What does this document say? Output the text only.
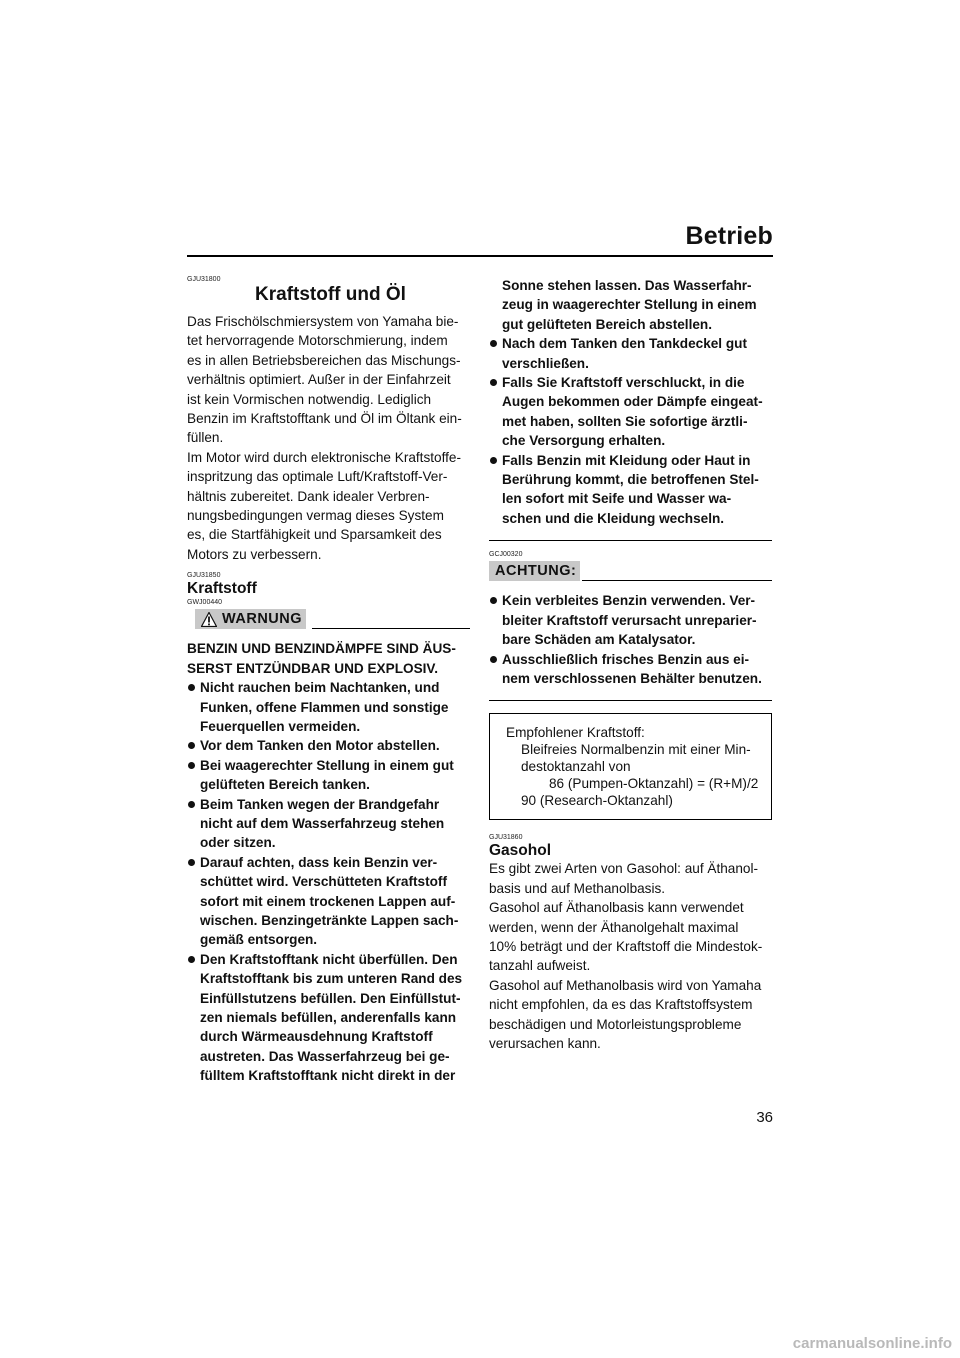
Betrieb
GJU31800
Kraftstoff und Öl

Das Frischölschmiersystem von Yamaha bie-

tet hervorragende Motorschmierung, indem

es in allen Betriebsbereichen das Mischungs-

verhältnis optimiert. Außer in der Einfahrzeit

ist kein Vormischen notwendig. Lediglich

Benzin im Kraftstofftank und Öl im Öltank ein-

füllen.

Im Motor wird durch elektronische Kraftstoffe-

inspritzung das optimale Luft/Kraftstoff-Ver-

hältnis zubereitet. Dank idealer Verbren-

nungsbedingungen vermag dieses System

es, die Startfähigkeit und Sparsamkeit des

Motors zu verbessern.

GJU31850
Kraftstoff
GWJ00440
WARNUNG

BENZIN UND BENZINDÄMPFE SIND ÄUS-

SERST ENTZÜNDBAR UND EXPLOSIV.

Nicht rauchen beim Nachtanken, und
Funken, offene Flammen und sonstige
Feuerquellen vermeiden.
Vor dem Tanken den Motor abstellen.
Bei waagerechter Stellung in einem gut
gelüfteten Bereich tanken.
Beim Tanken wegen der Brandgefahr
nicht auf dem Wasserfahrzeug stehen
oder sitzen.
Darauf achten, dass kein Benzin ver-
schüttet wird. Verschütteten Kraftstoff
sofort mit einem trockenen Lappen auf-
wischen. Benzingetränkte Lappen sach-
gemäß entsorgen.
Den Kraftstofftank nicht überfüllen. Den
Kraftstofftank bis zum unteren Rand des
Einfüllstutzens befüllen. Den Einfüllstut-
zen niemals befüllen, anderenfalls kann
durch Wärmeausdehnung Kraftstoff
austreten. Das Wasserfahrzeug bei ge-
fülltem Kraftstofftank nicht direkt in der

Sonne stehen lassen. Das Wasserfahr-

zeug in waagerechter Stellung in einem

gut gelüfteten Bereich abstellen.

Nach dem Tanken den Tankdeckel gut
verschließen.
Falls Sie Kraftstoff verschluckt, in die
Augen bekommen oder Dämpfe eingeat-
met haben, sollten Sie sofortige ärztli-
che Versorgung erhalten.
Falls Benzin mit Kleidung oder Haut in
Berührung kommt, die betroffenen Stel-
len sofort mit Seife und Wasser wa-
schen und die Kleidung wechseln.
GCJ00320
ACHTUNG:
Kein verbleites Benzin verwenden. Ver-
bleiter Kraftstoff verursacht unreparier-
bare Schäden am Katalysator.
Ausschließlich frisches Benzin aus ei-
nem verschlossenen Behälter benutzen.
Empfohlener Kraftstoff:
Bleifreies Normalbenzin mit einer Min-
destoktanzahl von
86 (Pumpen-Oktanzahl) = (R+M)/2
90 (Research-Oktanzahl)
GJU31860
Gasohol

Es gibt zwei Arten von Gasohol: auf Äthanol-

basis und auf Methanolbasis.

Gasohol auf Äthanolbasis kann verwendet

werden, wenn der Äthanolgehalt maximal

10% beträgt und der Kraftstoff die Mindestok-

tanzahl aufweist.

Gasohol auf Methanolbasis wird von Yamaha

nicht empfohlen, da es das Kraftstoffsystem

beschädigen und Motorleistungsprobleme

verursachen kann.

36
carmanualsonline.info
